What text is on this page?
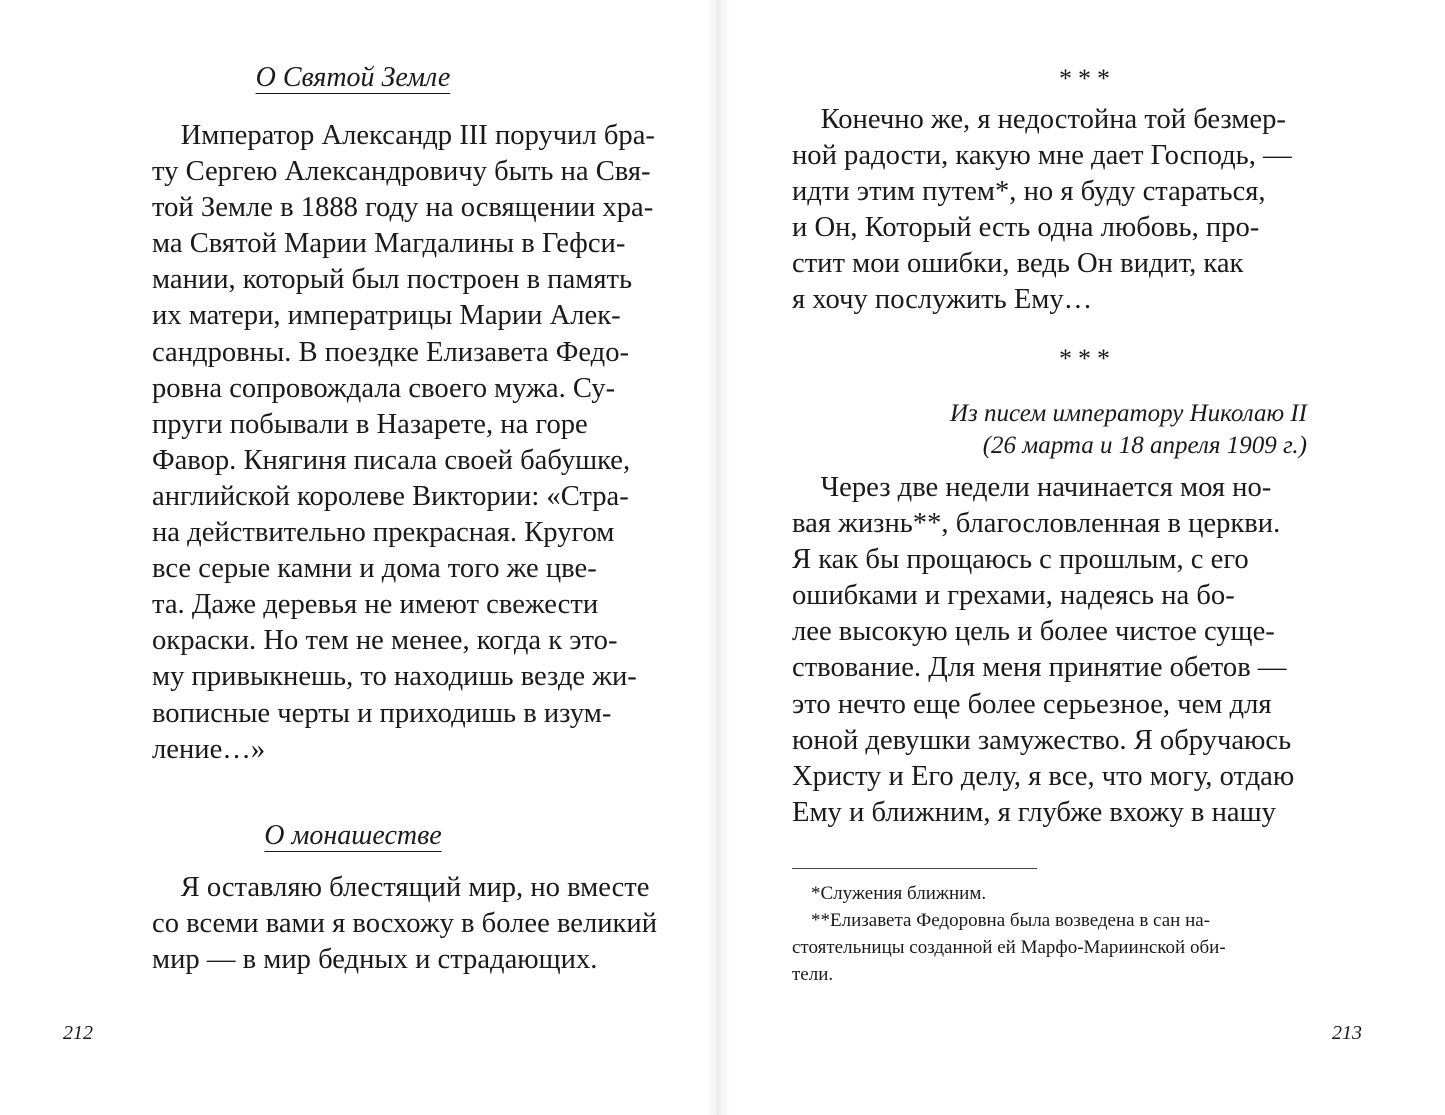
О Святой Земле

Император Александр III поручил бра-
ту Сергею Александровичу быть на Свя-
той Земле в 1888 году на освящении хра-
ма Святой Марии Магдалины в Гефси-
мании, который был построен в память
их матери, императрицы Марии Алек-
сандровны. В поездке Елизавета Федо-
ровна сопровождала своего мужа. Су-
пруги побывали в Назарете, на горе
Фавор. Княгиня писала своей бабушке,
английской королеве Виктории: «Стра-
на действительно прекрасная. Кругом
все серые камни и дома того же цве-
та. Даже деревья не имеют свежести
окраски. Но тем не менее, когда к это-
му привыкнешь, то находишь везде жи-
вописные черты и приходишь в изум-
ление…»

О монашестве

Я оставляю блестящий мир, но вместе
со всеми вами я восхожу в более великий
мир — в мир бедных и страдающих.

212

***

Конечно же, я недостойна той безмер-
ной радости, какую мне дает Господь, —
идти этим путем*, но я буду стараться,
и Он, Который есть одна любовь, про-
стит мои ошибки, ведь Он видит, как
я хочу послужить Ему…

***

Из писем императору Николаю II

(26 марта и 18 апреля 1909 г.)

Через две недели начинается моя но-
вая жизнь**, благословленная в церкви.
Я как бы прощаюсь с прошлым, с его
ошибками и грехами, надеясь на бо-
лее высокую цель и более чистое суще-
ствование. Для меня принятие обетов —
это нечто еще более серьезное, чем для
юной девушки замужество. Я обручаюсь
Христу и Его делу, я все, что могу, отдаю
Ему и ближним, я глубже вхожу в нашу

*Служения ближним.
**Елизавета Федоровна была возведена в сан на-
стоятельницы созданной ей Марфо-Мариинской оби-
тели.

213
